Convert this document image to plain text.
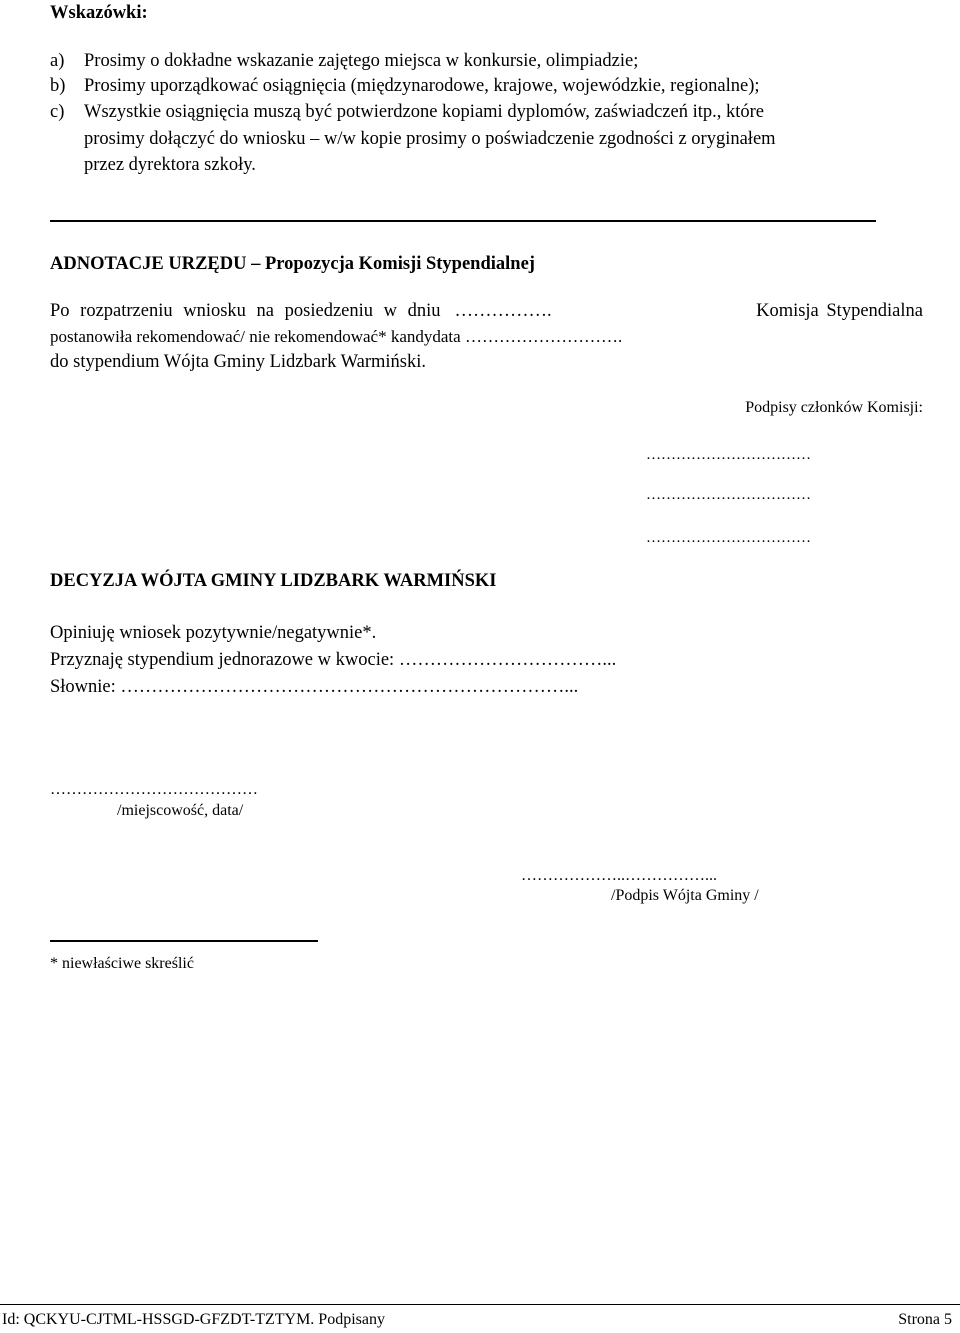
Wskazówki:
a) Prosimy o dokładne wskazanie zajętego miejsca w konkursie, olimpiadzie;
b) Prosimy uporządkować osiągnięcia (międzynarodowe, krajowe, wojewódzkie, regionalne);
c) Wszystkie osiągnięcia muszą być potwierdzone kopiami dyplomów, zaświadczeń itp., które
prosimy dołączyć do wniosku – w/w kopie prosimy o poświadczenie zgodności z oryginałem
przez dyrektora szkoły.
ADNOTACJE URZĘDU – Propozycja Komisji Stypendialnej
Po rozpatrzeniu wniosku na posiedzeniu w dniu …………….	Komisja Stypendialna
postanowiła rekomendować/ nie rekomendować* kandydata ……………………….
do stypendium Wójta Gminy Lidzbark Warmiński.
Podpisy członków Komisji:
……………………………
……………………………
……………………………
DECYZJA WÓJTA GMINY LIDZBARK WARMIŃSKI
Opiniuję wniosek pozytywnie/negatywnie*.
Przyznaję stypendium jednorazowe w kwocie: ……………………………...
Słownie: ………………………………………………………………...
…………………………………
/miejscowość, data/
………………..……………...
/Podpis Wójta Gminy /
* niewłaściwe skreślić
Id: QCKYU-CJTML-HSSGD-GFZDT-TZTYM. Podpisany	Strona 5
